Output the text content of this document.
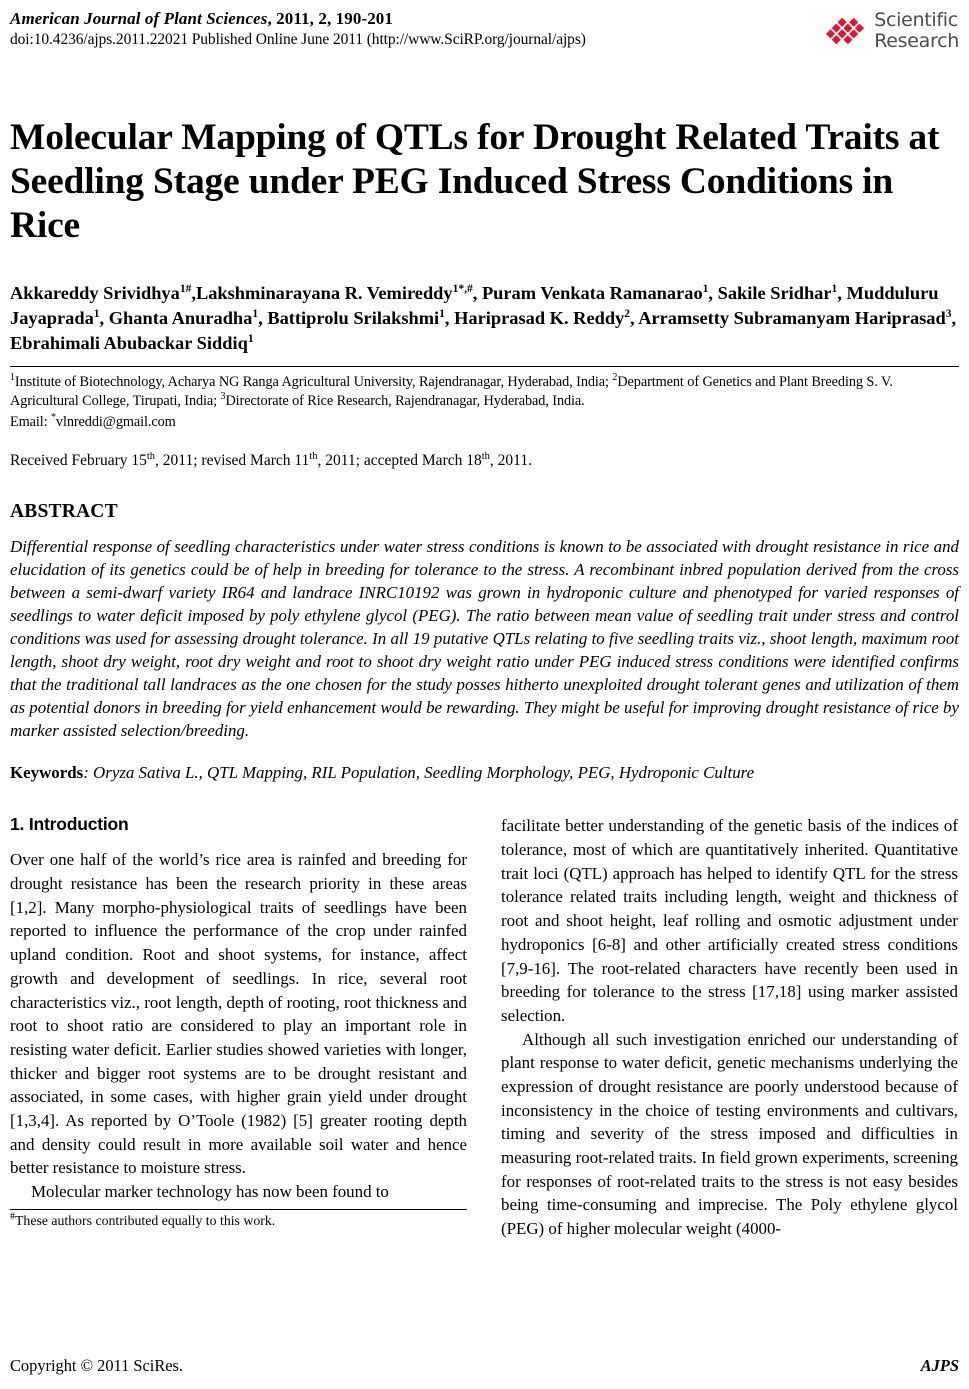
American Journal of Plant Sciences, 2011, 2, 190-201
doi:10.4236/ajps.2011.22021 Published Online June 2011 (http://www.SciRP.org/journal/ajps)
Scientific
Research
Molecular Mapping of QTLs for Drought Related Traits at Seedling Stage under PEG Induced Stress Conditions in Rice
Akkareddy Srividhya$^{1\#}$,Lakshminarayana R. Vemireddy$^{1*,\#}$, Puram Venkata Ramanarao$^1$, Sakile Sridhar$^1$, Mudduluru Jayaprada$^1$, Ghanta Anuradha$^1$, Battiprolu Srilakshmi$^1$, Hariprasad K. Reddy$^2$, Arramsetty Subramanyam Hariprasad$^3$, Ebrahimali Abubackar Siddiq$^1$
$^1$Institute of Biotechnology, Acharya NG Ranga Agricultural University, Rajendranagar, Hyderabad, India; $^2$Department of Genetics and Plant Breeding S. V. Agricultural College, Tirupati, India; $^3$Directorate of Rice Research, Rajendranagar, Hyderabad, India.
Email: *vlnreddi@gmail.com
Received February 15th, 2011; revised March 11th, 2011; accepted March 18th, 2011.
ABSTRACT

Differential response of seedling characteristics under water stress conditions is known to be associated with drought resistance in rice and elucidation of its genetics could be of help in breeding for tolerance to the stress. A recombinant inbred population derived from the cross between a semi-dwarf variety IR64 and landrace INRC10192 was grown in hydroponic culture and phenotyped for varied responses of seedlings to water deficit imposed by poly ethylene glycol (PEG). The ratio between mean value of seedling trait under stress and control conditions was used for assessing drought tolerance. In all 19 putative QTLs relating to five seedling traits viz., shoot length, maximum root length, shoot dry weight, root dry weight and root to shoot dry weight ratio under PEG induced stress conditions were identified confirms that the traditional tall landraces as the one chosen for the study posses hitherto unexploited drought tolerant genes and utilization of them as potential donors in breeding for yield enhancement would be rewarding. They might be useful for improving drought resistance of rice by marker assisted selection/breeding.

Keywords: Oryza Sativa L., QTL Mapping, RIL Population, Seedling Morphology, PEG, Hydroponic Culture
1. Introduction

Over one half of the world’s rice area is rainfed and breeding for drought resistance has been the research priority in these areas [1,2]. Many morpho-physiological traits of seedlings have been reported to influence the performance of the crop under rainfed upland condition. Root and shoot systems, for instance, affect growth and development of seedlings. In rice, several root characteristics viz., root length, depth of rooting, root thickness and root to shoot ratio are considered to play an important role in resisting water deficit. Earlier studies showed varieties with longer, thicker and bigger root systems are to be drought resistant and associated, in some cases, with higher grain yield under drought [1,3,4]. As reported by O’Toole (1982) [5] greater rooting depth and density could result in more available soil water and hence better resistance to moisture stress.

Molecular marker technology has now been found to

#These authors contributed equally to this work.

facilitate better understanding of the genetic basis of the indices of tolerance, most of which are quantitatively inherited. Quantitative trait loci (QTL) approach has helped to identify QTL for the stress tolerance related traits including length, weight and thickness of root and shoot height, leaf rolling and osmotic adjustment under hydroponics [6-8] and other artificially created stress conditions [7,9-16]. The root-related characters have recently been used in breeding for tolerance to the stress [17,18] using marker assisted selection.

Although all such investigation enriched our understanding of plant response to water deficit, genetic mechanisms underlying the expression of drought resistance are poorly understood because of inconsistency in the choice of testing environments and cultivars, timing and severity of the stress imposed and difficulties in measuring root-related traits. In field grown experiments, screening for responses of root-related traits to the stress is not easy besides being time-consuming and imprecise. The Poly ethylene glycol (PEG) of higher molecular weight (4000-

Copyright © 2011 SciRes.	AJPS
